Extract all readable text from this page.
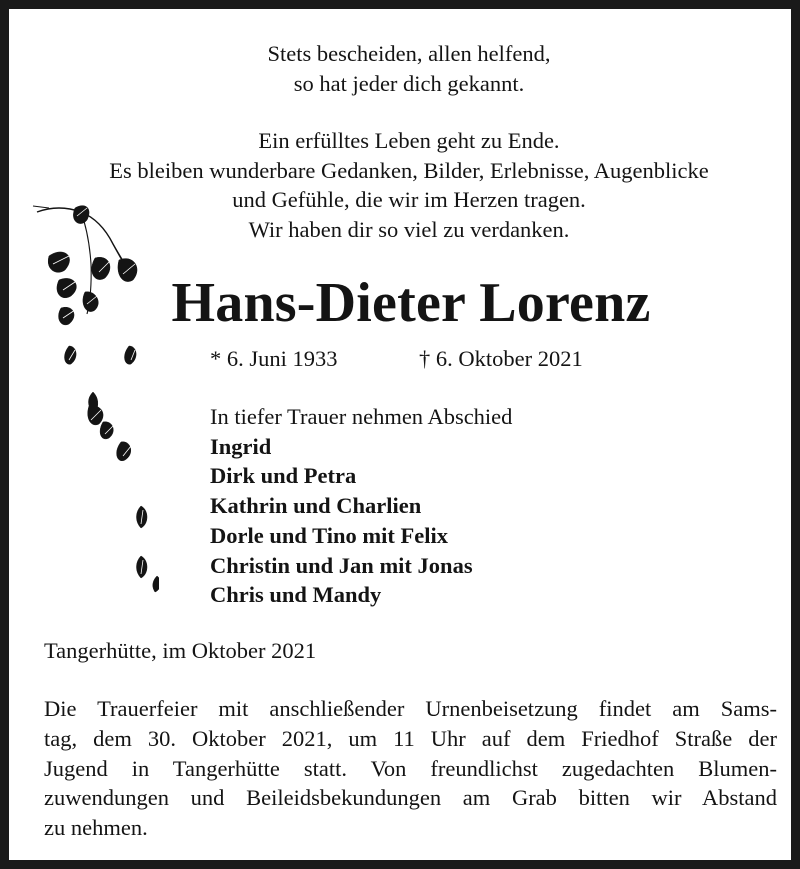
Stets bescheiden, allen helfend,
so hat jeder dich gekannt.
Ein erfülltes Leben geht zu Ende.
Es bleiben wunderbare Gedanken, Bilder, Erlebnisse, Augenblicke
und Gefühle, die wir im Herzen tragen.
Wir haben dir so viel zu verdanken.
Hans-Dieter Lorenz
* 6. Juni 1933	† 6. Oktober 2021
In tiefer Trauer nehmen Abschied
Ingrid
Dirk und Petra
Kathrin und Charlien
Dorle und Tino mit Felix
Christin und Jan mit Jonas
Chris und Mandy
Tangerhütte, im Oktober 2021
Die Trauerfeier mit anschließender Urnenbeisetzung findet am Sams-
tag, dem 30. Oktober 2021, um 11 Uhr auf dem Friedhof Straße der
Jugend in Tangerhütte statt. Von freundlichst zugedachten Blumen-
zuwendungen und Beileidsbekundungen am Grab bitten wir Abstand
zu nehmen.
